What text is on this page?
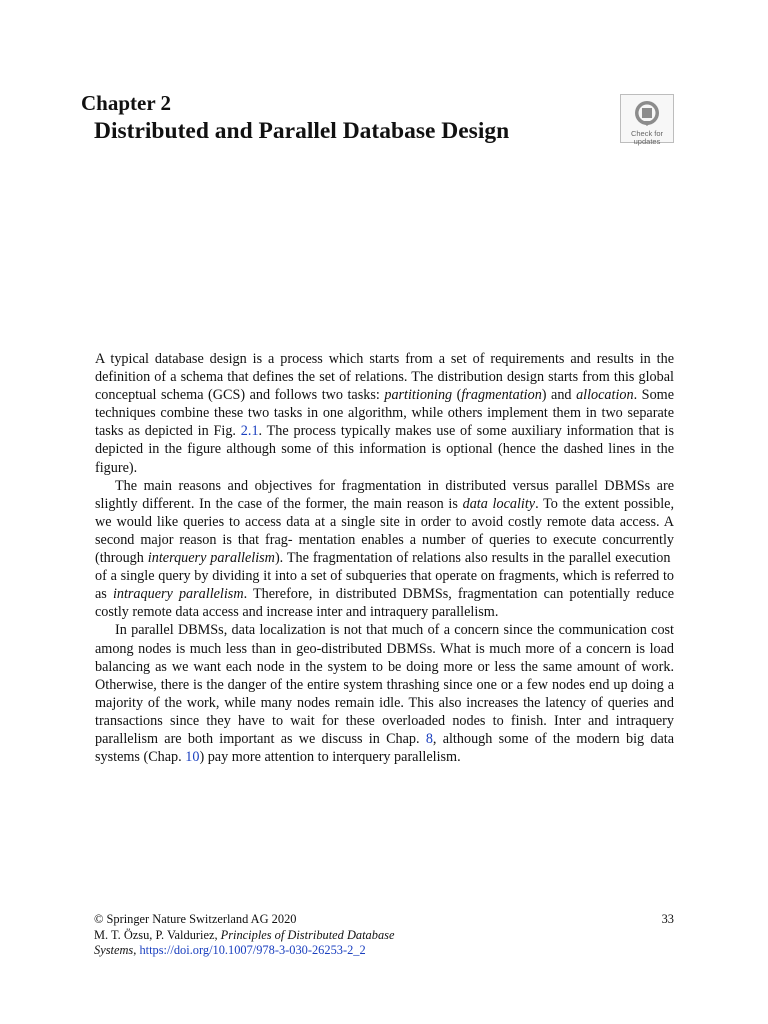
Chapter 2
Distributed and Parallel Database Design	Check for
updates

A typical database design is a process which starts from a set of requirements and results in the definition of a schema that defines the set of relations. The distribution design starts from this global conceptual schema (GCS) and follows two tasks: partitioning (fragmentation) and allocation. Some techniques combine these two tasks in one algorithm, while others implement them in two separate tasks as depicted in Fig. 2.1. The process typically makes use of some auxiliary information that is depicted in the figure although some of this information is optional (hence the dashed lines in the figure).

The main reasons and objectives for fragmentation in distributed versus parallel DBMSs are slightly different. In the case of the former, the main reason is data locality. To the extent possible, we would like queries to access data at a single site in order to avoid costly remote data access. A second major reason is that frag- mentation enables a number of queries to execute concurrently (through interquery parallelism). The fragmentation of relations also results in the parallel execution  of a single query by dividing it into a set of subqueries that operate on fragments, which is referred to as intraquery parallelism. Therefore, in distributed DBMSs, fragmentation can potentially reduce costly remote data access and increase inter and intraquery parallelism.

In parallel DBMSs, data localization is not that much of a concern since the communication cost among nodes is much less than in geo-distributed DBMSs. What is much more of a concern is load balancing as we want each node in the system to be doing more or less the same amount of work. Otherwise, there is the danger of the entire system thrashing since one or a few nodes end up doing a majority of the work, while many nodes remain idle. This also increases the latency of queries and transactions since they have to wait for these overloaded nodes to finish. Inter and intraquery parallelism are both important as we discuss in Chap. 8, although some of the modern big data systems (Chap. 10) pay more attention to interquery parallelism.

© Springer Nature Switzerland AG 2020
M. T. Özsu, P. Valduriez, Principles of Distributed Database
Systems, https://doi.org/10.1007/978-3-030-26253-2_2
33
